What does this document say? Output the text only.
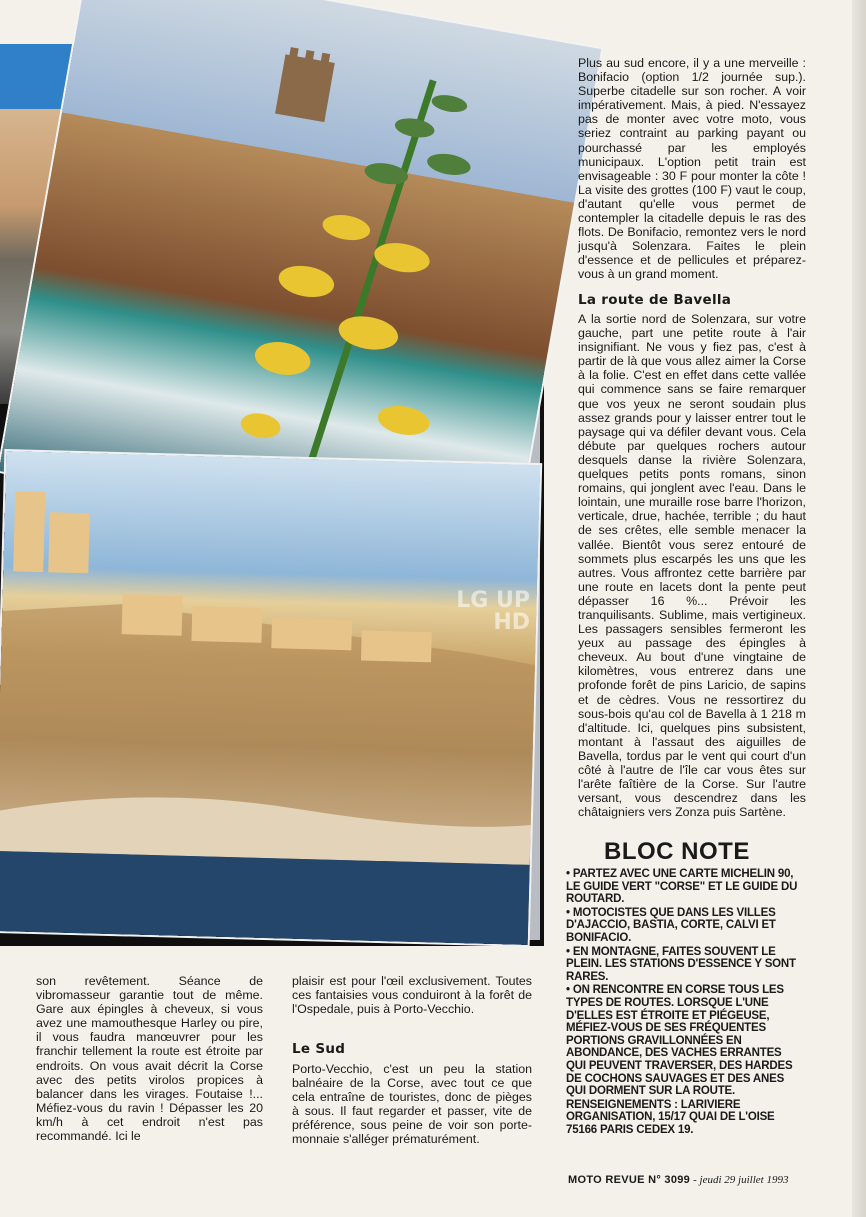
LG UP HD

Plus au sud encore, il y a une merveille : Bonifacio (option 1/2 journée sup.). Superbe citadelle sur son rocher. A voir impérativement. Mais, à pied. N'essayez pas de monter avec votre moto, vous seriez contraint au parking payant ou pourchassé par les employés municipaux. L'option petit train est envisageable : 30 F pour monter la côte ! La visite des grottes (100 F) vaut le coup, d'autant qu'elle vous permet de contempler la citadelle depuis le ras des flots. De Bonifacio, remontez vers le nord jusqu'à Solenzara. Faites le plein d'essence et de pellicules et préparez-vous à un grand moment.

La route de Bavella

A la sortie nord de Solenzara, sur votre gauche, part une petite route à l'air insignifiant. Ne vous y fiez pas, c'est à partir de là que vous allez aimer la Corse à la folie. C'est en effet dans cette vallée qui commence sans se faire remarquer que vos yeux ne seront soudain plus assez grands pour y laisser entrer tout le paysage qui va défiler devant vous. Cela débute par quelques rochers autour desquels danse la rivière Solenzara, quelques petits ponts romans, sinon romains, qui jonglent avec l'eau. Dans le lointain, une muraille rose barre l'horizon, verticale, drue, hachée, terrible ; du haut de ses crêtes, elle semble menacer la vallée. Bientôt vous serez entouré de sommets plus escarpés les uns que les autres. Vous affrontez cette barrière par une route en lacets dont la pente peut dépasser 16 %... Prévoir les tranquilisants. Sublime, mais vertigineux. Les passagers sensibles fermeront les yeux au passage des épingles à cheveux. Au bout d'une vingtaine de kilomètres, vous entrerez dans une profonde forêt de pins Laricio, de sapins et de cèdres. Vous ne ressortirez du sous-bois qu'au col de Bavella à 1 218 m d'altitude. Ici, quelques pins subsistent, montant à l'assaut des aiguilles de Bavella, tordus par le vent qui court d'un côté à l'autre de l'île car vous êtes sur l'arête faîtière de la Corse. Sur l'autre versant, vous descendrez dans les châtaigniers vers Zonza puis Sartène.

son revêtement. Séance de vibromasseur garantie tout de même. Gare aux épingles à cheveux, si vous avez une mamouthesque Harley ou pire, il vous faudra manœuvrer pour les franchir tellement la route est étroite par endroits. On vous avait décrit la Corse avec des petits virolos propices à balancer dans les virages. Foutaise !... Méfiez-vous du ravin ! Dépasser les 20 km/h à cet endroit n'est pas recommandé. Ici le

plaisir est pour l'œil exclusivement. Toutes ces fantaisies vous conduiront à la forêt de l'Ospedale, puis à Porto-Vecchio.

Le Sud

Porto-Vecchio, c'est un peu la station balnéaire de la Corse, avec tout ce que cela entraîne de touristes, donc de pièges à sous. Il faut regarder et passer, vite de préférence, sous peine de voir son porte-monnaie s'alléger prématurément.

BLOC NOTE

• PARTEZ AVEC UNE CARTE MICHELIN 90, LE GUIDE VERT "CORSE" ET LE GUIDE DU ROUTARD.

• MOTOCISTES QUE DANS LES VILLES D'AJACCIO, BASTIA, CORTE, CALVI ET BONIFACIO.

• EN MONTAGNE, FAITES SOUVENT LE PLEIN. LES STATIONS D'ESSENCE Y SONT RARES.

• ON RENCONTRE EN CORSE TOUS LES TYPES DE ROUTES. LORSQUE L'UNE D'ELLES EST ÉTROITE ET PIÉGEUSE, MÉFIEZ-VOUS DE SES FRÉQUENTES PORTIONS GRAVILLONNÉES EN ABONDANCE, DES VACHES ERRANTES QUI PEUVENT TRAVERSER, DES HARDES DE COCHONS SAUVAGES ET DES ANES QUI DORMENT SUR LA ROUTE.

RENSEIGNEMENTS : LARIVIERE ORGANISATION, 15/17 QUAI DE L'OISE 75166 PARIS CEDEX 19.

MOTO REVUE N° 3099 - jeudi 29 juillet 1993
